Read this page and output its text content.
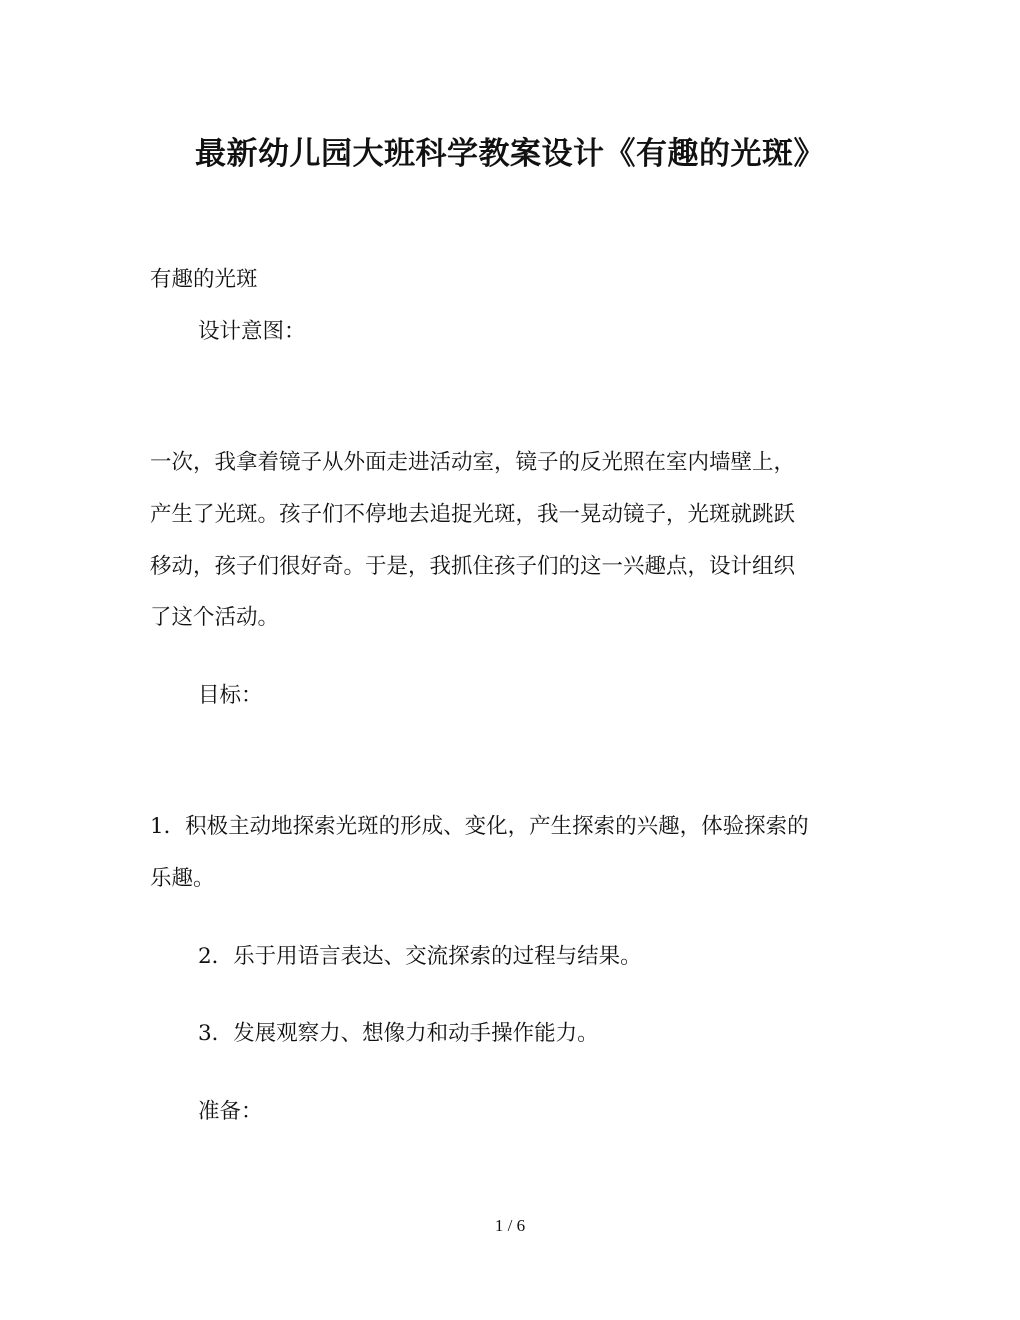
最新幼儿园大班科学教案设计《有趣的光斑》
有趣的光斑
设计意图：
一次，我拿着镜子从外面走进活动室，镜子的反光照在室内墙壁上，
产生了光斑。孩子们不停地去追捉光斑，我一晃动镜子，光斑就跳跃
移动，孩子们很好奇。于是，我抓住孩子们的这一兴趣点，设计组织
了这个活动。
目标：
1．积极主动地探索光斑的形成、变化，产生探索的兴趣，体验探索的
乐趣。
2．乐于用语言表达、交流探索的过程与结果。
3．发展观察力、想像力和动手操作能力。
准备：
1 / 6
